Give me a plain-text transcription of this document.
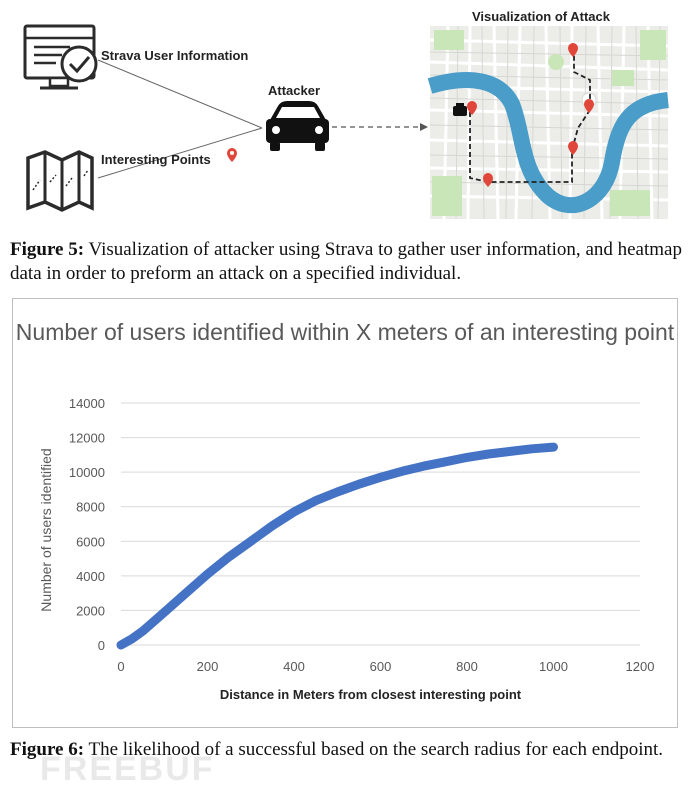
Strava User Information
Interesting Points
Attacker
Visualization of Attack
Figure 5: Visualization of attacker using Strava to gather user information, and heatmap data in order to preform an attack on a specified individual.
Number of users identified within X meters of an interesting point
0
2000
4000
6000
8000
10000
12000
14000
0	200	400	600	800	1000	1200
Distance in Meters from closest interesting point
Number of users identified
Figure 6: The likelihood of a successful based on the search radius for each endpoint.
FREEBUF
